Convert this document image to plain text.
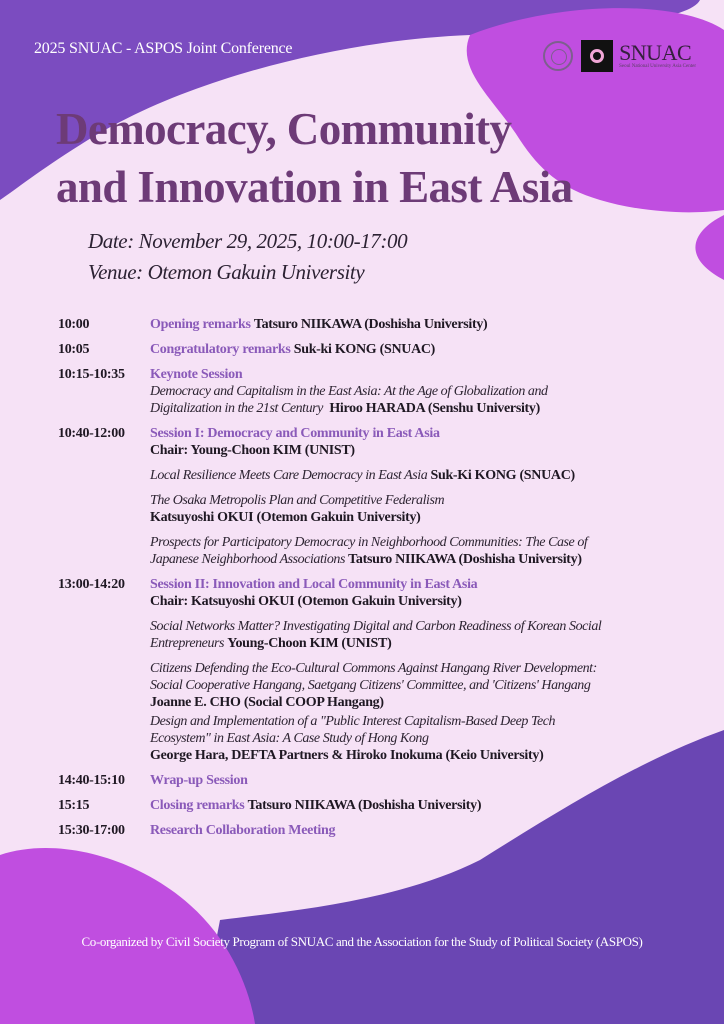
2025 SNUAC - ASPOS Joint Conference	SNUAC
Seoul National University Asia Center
Democracy, Community
and Innovation in East Asia
Date: November 29, 2025, 10:00-17:00
Venue: Otemon Gakuin University
10:00	Opening remarks Tatsuro NIIKAWA (Doshisha University)
10:05	Congratulatory remarks Suk-ki KONG (SNUAC)
10:15-10:35	Keynote Session
Democracy and Capitalism in the East Asia: At the Age of Globalization and
Digitalization in the 21st Century Hiroo HARADA (Senshu University)
10:40-12:00	Session I: Democracy and Community in East Asia
Chair: Young-Choon KIM (UNIST)
Local Resilience Meets Care Democracy in East Asia Suk-Ki KONG (SNUAC)
The Osaka Metropolis Plan and Competitive Federalism
Katsuyoshi OKUI (Otemon Gakuin University)
Prospects for Participatory Democracy in Neighborhood Communities: The Case of
Japanese Neighborhood Associations Tatsuro NIIKAWA (Doshisha University)
13:00-14:20	Session II: Innovation and Local Community in East Asia
Chair: Katsuyoshi OKUI (Otemon Gakuin University)
Social Networks Matter? Investigating Digital and Carbon Readiness of Korean Social
Entrepreneurs Young-Choon KIM (UNIST)
Citizens Defending the Eco-Cultural Commons Against Hangang River Development:
Social Cooperative Hangang, Saetgang Citizens' Committee, and 'Citizens' Hangang
Joanne E. CHO (Social COOP Hangang)
Design and Implementation of a "Public Interest Capitalism-Based Deep Tech
Ecosystem" in East Asia: A Case Study of Hong Kong
George Hara, DEFTA Partners & Hiroko Inokuma (Keio University)
14:40-15:10	Wrap-up Session
15:15	Closing remarks Tatsuro NIIKAWA (Doshisha University)
15:30-17:00	Research Collaboration Meeting
Co-organized by Civil Society Program of SNUAC and the Association for the Study of Political Society (ASPOS)
